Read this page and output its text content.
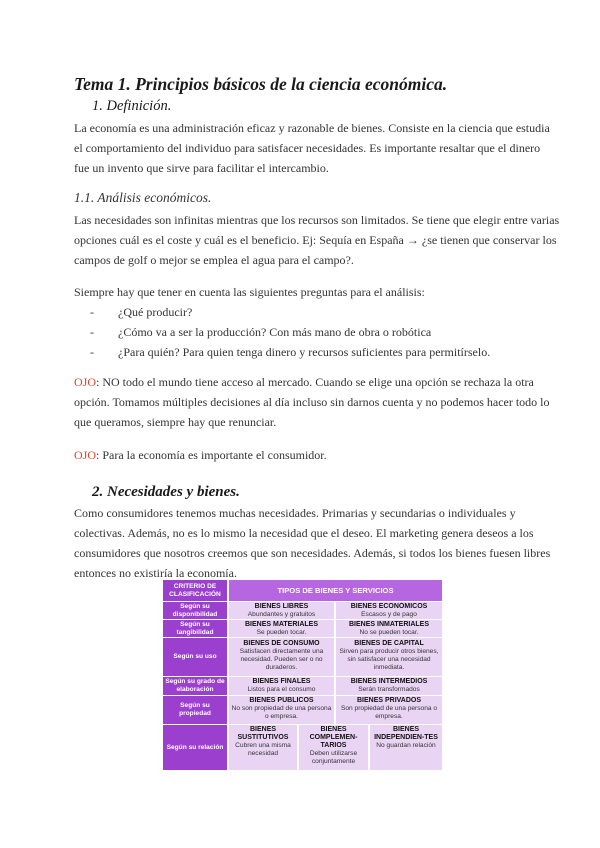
Tema 1. Principios básicos de la ciencia económica.
1. Definición.
La economía es una administración eficaz y razonable de bienes. Consiste en la ciencia que estudia
el comportamiento del individuo para satisfacer necesidades. Es importante resaltar que el dinero
fue un invento que sirve para facilitar el intercambio.
1.1. Análisis económicos.
Las necesidades son infinitas mientras que los recursos son limitados. Se tiene que elegir entre varias
opciones cuál es el coste y cuál es el beneficio. Ej: Sequía en España → ¿se tienen que conservar los
campos de golf o mejor se emplea el agua para el campo?.
Siempre hay que tener en cuenta las siguientes preguntas para el análisis:
- ¿Qué producir?
- ¿Cómo va a ser la producción? Con más mano de obra o robótica
- ¿Para quién? Para quien tenga dinero y recursos suficientes para permitírselo.
OJO: NO todo el mundo tiene acceso al mercado. Cuando se elige una opción se rechaza la otra
opción. Tomamos múltiples decisiones al día incluso sin darnos cuenta y no podemos hacer todo lo
que queramos, siempre hay que renunciar.
OJO: Para la economía es importante el consumidor.
2. Necesidades y bienes.
Como consumidores tenemos muchas necesidades. Primarias y secundarias o individuales y
colectivas. Además, no es lo mismo la necesidad que el deseo. El marketing genera deseos a los
consumidores que nosotros creemos que son necesidades. Además, si todos los bienes fuesen libres
entonces no existiría la economía.
CRITERIO DE CLASIFICACIÓN	TIPOS DE BIENES Y SERVICIOS
Según su disponibilidad
BIENES LIBRES
Abundantes y gratuitos
BIENES ECONÓMICOS
Escasos y de pago
Según su tangibilidad
BIENES MATERIALES
Se pueden tocar.
BIENES INMATERIALES
No se pueden tocar.
Según su uso
BIENES DE CONSUMO
Satisfacen directamente una necesidad. Pueden ser o no duraderos.
BIENES DE CAPITAL
Sirven para producir otros bienes, sin satisfacer una necesidad inmediata.
Según su grado de elaboración
BIENES FINALES
Listos para el consumo
BIENES INTERMEDIOS
Serán transformados
Según su propiedad
BIENES PÚBLICOS
No son propiedad de una persona o empresa.
BIENES PRIVADOS
Son propiedad de una persona o empresa.
Según su relación
BIENES SUSTITUTIVOS
Cubren una misma necesidad
BIENES COMPLEMEN-TARIOS
Deben utilizarse conjuntamente
BIENES INDEPENDIEN-TES
No guardan relación
